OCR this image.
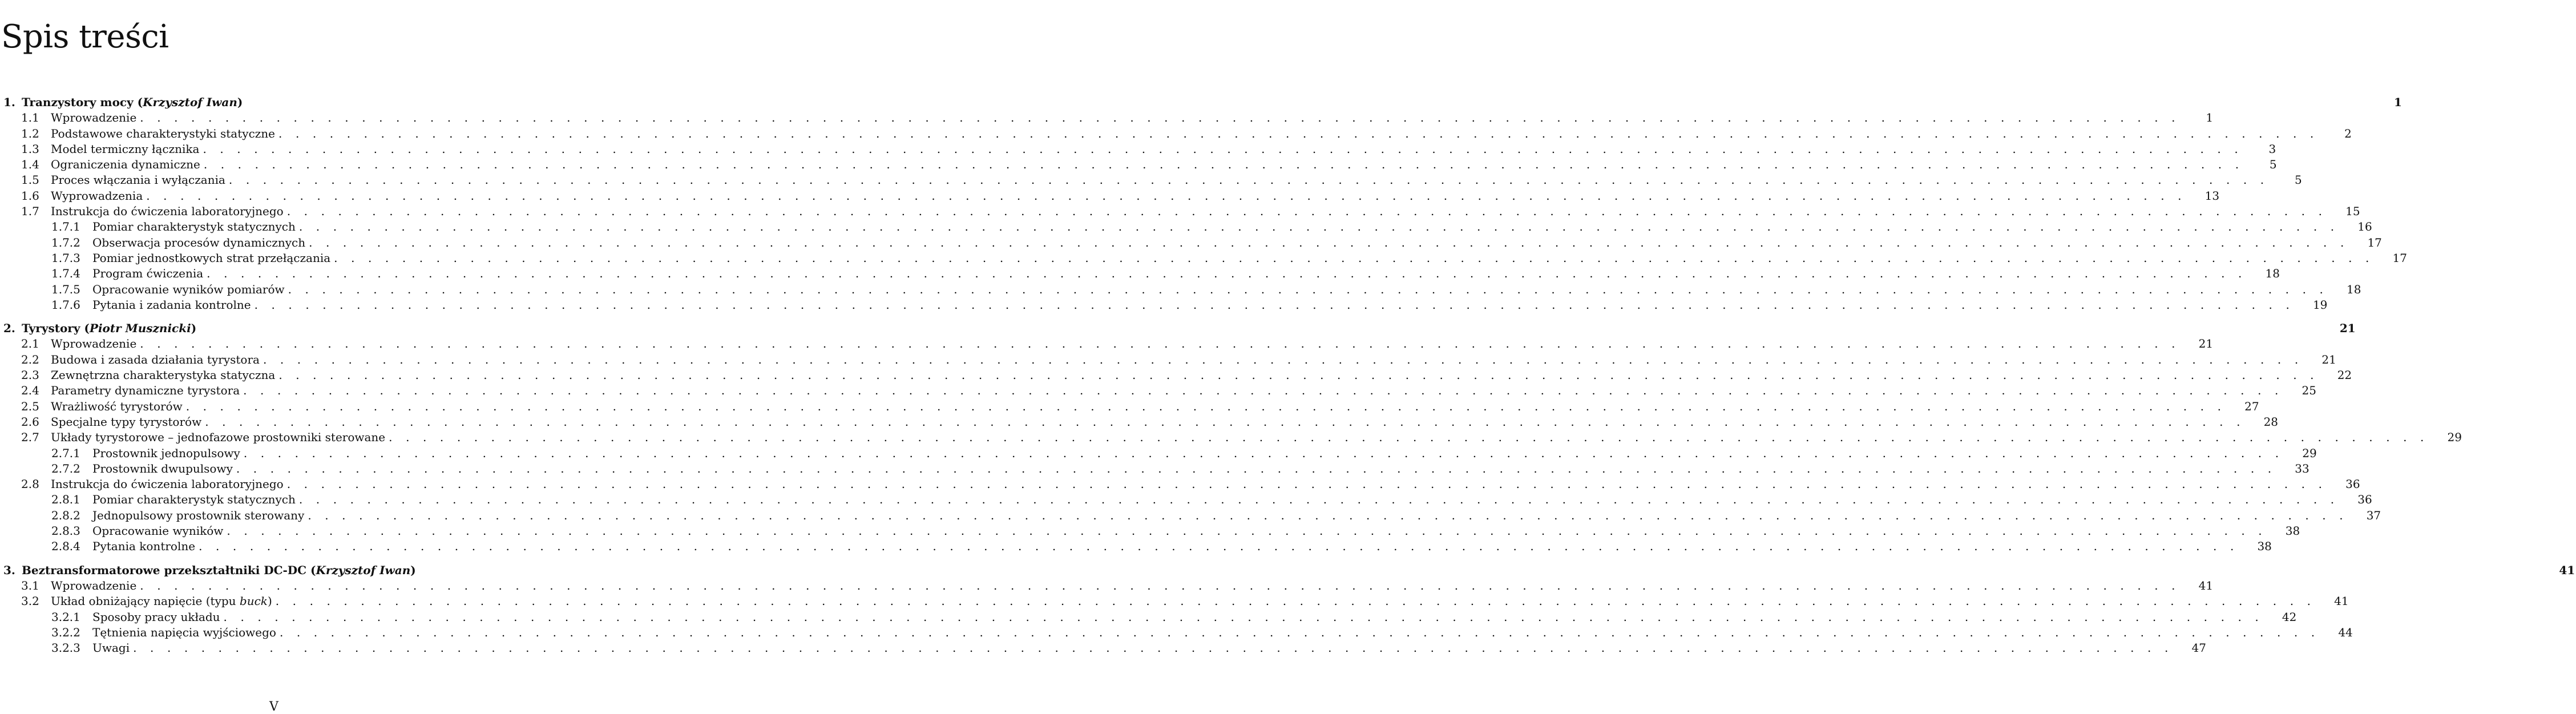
Spis treści
1. Tranzystory mocy (Krzysztof Iwan)	1
1.1	Wprowadzenie . . . . . . . . . . . . . . . . . . . . . . . . . . . . . . . . . . . . . . . . . . . . . . . . . . . . . . . . . . . . . . . . . . . . . . . . . . . . . . . . . . . . . . . . . . . . . . . . . . . . . . . . . . . . . . . . . . . . . . . .	1
1.2	Podstawowe charakterystyki statyczne . . . . . . . . . . . . . . . . . . . . . . . . . . . . . . . . . . . . . . . . . . . . . . . . . . . . . . . . . . . . . . . . . . . . . . . . . . . . . . . . . . . . . . . . . . . . . . . . . . . . . . . . . . . . . . . . . . . . . . . .	2
1.3	Model termiczny łącznika . . . . . . . . . . . . . . . . . . . . . . . . . . . . . . . . . . . . . . . . . . . . . . . . . . . . . . . . . . . . . . . . . . . . . . . . . . . . . . . . . . . . . . . . . . . . . . . . . . . . . . . . . . . . . . . . . . . . . . . .	3
1.4	Ograniczenia dynamiczne . . . . . . . . . . . . . . . . . . . . . . . . . . . . . . . . . . . . . . . . . . . . . . . . . . . . . . . . . . . . . . . . . . . . . . . . . . . . . . . . . . . . . . . . . . . . . . . . . . . . . . . . . . . . . . . . . . . . . . . .	5
1.5	Proces włączania i wyłączania . . . . . . . . . . . . . . . . . . . . . . . . . . . . . . . . . . . . . . . . . . . . . . . . . . . . . . . . . . . . . . . . . . . . . . . . . . . . . . . . . . . . . . . . . . . . . . . . . . . . . . . . . . . . . . . . . . . . . . . .	5
1.6	Wyprowadzenia . . . . . . . . . . . . . . . . . . . . . . . . . . . . . . . . . . . . . . . . . . . . . . . . . . . . . . . . . . . . . . . . . . . . . . . . . . . . . . . . . . . . . . . . . . . . . . . . . . . . . . . . . . . . . . . . . . . . . . . .	13
1.7	Instrukcja do ćwiczenia laboratoryjnego . . . . . . . . . . . . . . . . . . . . . . . . . . . . . . . . . . . . . . . . . . . . . . . . . . . . . . . . . . . . . . . . . . . . . . . . . . . . . . . . . . . . . . . . . . . . . . . . . . . . . . . . . . . . . . . . . . . . . . . .	15
1.7.1	Pomiar charakterystyk statycznych . . . . . . . . . . . . . . . . . . . . . . . . . . . . . . . . . . . . . . . . . . . . . . . . . . . . . . . . . . . . . . . . . . . . . . . . . . . . . . . . . . . . . . . . . . . . . . . . . . . . . . . . . . . . . . . . . . . . . . . .	16
1.7.2	Obserwacja procesów dynamicznych . . . . . . . . . . . . . . . . . . . . . . . . . . . . . . . . . . . . . . . . . . . . . . . . . . . . . . . . . . . . . . . . . . . . . . . . . . . . . . . . . . . . . . . . . . . . . . . . . . . . . . . . . . . . . . . . . . . . . . . .	17
1.7.3	Pomiar jednostkowych strat przełączania . . . . . . . . . . . . . . . . . . . . . . . . . . . . . . . . . . . . . . . . . . . . . . . . . . . . . . . . . . . . . . . . . . . . . . . . . . . . . . . . . . . . . . . . . . . . . . . . . . . . . . . . . . . . . . . . . . . . . . . .	17
1.7.4	Program ćwiczenia . . . . . . . . . . . . . . . . . . . . . . . . . . . . . . . . . . . . . . . . . . . . . . . . . . . . . . . . . . . . . . . . . . . . . . . . . . . . . . . . . . . . . . . . . . . . . . . . . . . . . . . . . . . . . . . . . . . . . . . .	18
1.7.5	Opracowanie wyników pomiarów . . . . . . . . . . . . . . . . . . . . . . . . . . . . . . . . . . . . . . . . . . . . . . . . . . . . . . . . . . . . . . . . . . . . . . . . . . . . . . . . . . . . . . . . . . . . . . . . . . . . . . . . . . . . . . . . . . . . . . . .	18
1.7.6	Pytania i zadania kontrolne . . . . . . . . . . . . . . . . . . . . . . . . . . . . . . . . . . . . . . . . . . . . . . . . . . . . . . . . . . . . . . . . . . . . . . . . . . . . . . . . . . . . . . . . . . . . . . . . . . . . . . . . . . . . . . . . . . . . . . . .	19
2. Tyrystory (Piotr Musznicki)	21
2.1	Wprowadzenie . . . . . . . . . . . . . . . . . . . . . . . . . . . . . . . . . . . . . . . . . . . . . . . . . . . . . . . . . . . . . . . . . . . . . . . . . . . . . . . . . . . . . . . . . . . . . . . . . . . . . . . . . . . . . . . . . . . . . . . .	21
2.2	Budowa i zasada działania tyrystora . . . . . . . . . . . . . . . . . . . . . . . . . . . . . . . . . . . . . . . . . . . . . . . . . . . . . . . . . . . . . . . . . . . . . . . . . . . . . . . . . . . . . . . . . . . . . . . . . . . . . . . . . . . . . . . . . . . . . . . .	21
2.3	Zewnętrzna charakterystyka statyczna . . . . . . . . . . . . . . . . . . . . . . . . . . . . . . . . . . . . . . . . . . . . . . . . . . . . . . . . . . . . . . . . . . . . . . . . . . . . . . . . . . . . . . . . . . . . . . . . . . . . . . . . . . . . . . . . . . . . . . . .	22
2.4	Parametry dynamiczne tyrystora . . . . . . . . . . . . . . . . . . . . . . . . . . . . . . . . . . . . . . . . . . . . . . . . . . . . . . . . . . . . . . . . . . . . . . . . . . . . . . . . . . . . . . . . . . . . . . . . . . . . . . . . . . . . . . . . . . . . . . . .	25
2.5	Wrażliwość tyrystorów . . . . . . . . . . . . . . . . . . . . . . . . . . . . . . . . . . . . . . . . . . . . . . . . . . . . . . . . . . . . . . . . . . . . . . . . . . . . . . . . . . . . . . . . . . . . . . . . . . . . . . . . . . . . . . . . . . . . . . . .	27
2.6	Specjalne typy tyrystorów . . . . . . . . . . . . . . . . . . . . . . . . . . . . . . . . . . . . . . . . . . . . . . . . . . . . . . . . . . . . . . . . . . . . . . . . . . . . . . . . . . . . . . . . . . . . . . . . . . . . . . . . . . . . . . . . . . . . . . . .	28
2.7	Układy tyrystorowe – jednofazowe prostowniki sterowane . . . . . . . . . . . . . . . . . . . . . . . . . . . . . . . . . . . . . . . . . . . . . . . . . . . . . . . . . . . . . . . . . . . . . . . . . . . . . . . . . . . . . . . . . . . . . . . . . . . . . . . . . . . . . . . . . . . . . . . .	29
2.7.1	Prostownik jednopulsowy . . . . . . . . . . . . . . . . . . . . . . . . . . . . . . . . . . . . . . . . . . . . . . . . . . . . . . . . . . . . . . . . . . . . . . . . . . . . . . . . . . . . . . . . . . . . . . . . . . . . . . . . . . . . . . . . . . . . . . . .	29
2.7.2	Prostownik dwupulsowy . . . . . . . . . . . . . . . . . . . . . . . . . . . . . . . . . . . . . . . . . . . . . . . . . . . . . . . . . . . . . . . . . . . . . . . . . . . . . . . . . . . . . . . . . . . . . . . . . . . . . . . . . . . . . . . . . . . . . . . .	33
2.8	Instrukcja do ćwiczenia laboratoryjnego . . . . . . . . . . . . . . . . . . . . . . . . . . . . . . . . . . . . . . . . . . . . . . . . . . . . . . . . . . . . . . . . . . . . . . . . . . . . . . . . . . . . . . . . . . . . . . . . . . . . . . . . . . . . . . . . . . . . . . . .	36
2.8.1	Pomiar charakterystyk statycznych . . . . . . . . . . . . . . . . . . . . . . . . . . . . . . . . . . . . . . . . . . . . . . . . . . . . . . . . . . . . . . . . . . . . . . . . . . . . . . . . . . . . . . . . . . . . . . . . . . . . . . . . . . . . . . . . . . . . . . . .	36
2.8.2	Jednopulsowy prostownik sterowany . . . . . . . . . . . . . . . . . . . . . . . . . . . . . . . . . . . . . . . . . . . . . . . . . . . . . . . . . . . . . . . . . . . . . . . . . . . . . . . . . . . . . . . . . . . . . . . . . . . . . . . . . . . . . . . . . . . . . . . .	37
2.8.3	Opracowanie wyników . . . . . . . . . . . . . . . . . . . . . . . . . . . . . . . . . . . . . . . . . . . . . . . . . . . . . . . . . . . . . . . . . . . . . . . . . . . . . . . . . . . . . . . . . . . . . . . . . . . . . . . . . . . . . . . . . . . . . . . .	38
2.8.4	Pytania kontrolne . . . . . . . . . . . . . . . . . . . . . . . . . . . . . . . . . . . . . . . . . . . . . . . . . . . . . . . . . . . . . . . . . . . . . . . . . . . . . . . . . . . . . . . . . . . . . . . . . . . . . . . . . . . . . . . . . . . . . . . .	38
3. Beztransformatorowe przekształtniki DC-DC (Krzysztof Iwan)	41
3.1	Wprowadzenie . . . . . . . . . . . . . . . . . . . . . . . . . . . . . . . . . . . . . . . . . . . . . . . . . . . . . . . . . . . . . . . . . . . . . . . . . . . . . . . . . . . . . . . . . . . . . . . . . . . . . . . . . . . . . . . . . . . . . . . .	41
3.2	Układ obniżający napięcie (typu buck) . . . . . . . . . . . . . . . . . . . . . . . . . . . . . . . . . . . . . . . . . . . . . . . . . . . . . . . . . . . . . . . . . . . . . . . . . . . . . . . . . . . . . . . . . . . . . . . . . . . . . . . . . . . . . . . . . . . . . . . .	41
3.2.1	Sposoby pracy układu . . . . . . . . . . . . . . . . . . . . . . . . . . . . . . . . . . . . . . . . . . . . . . . . . . . . . . . . . . . . . . . . . . . . . . . . . . . . . . . . . . . . . . . . . . . . . . . . . . . . . . . . . . . . . . . . . . . . . . . .	42
3.2.2	Tętnienia napięcia wyjściowego . . . . . . . . . . . . . . . . . . . . . . . . . . . . . . . . . . . . . . . . . . . . . . . . . . . . . . . . . . . . . . . . . . . . . . . . . . . . . . . . . . . . . . . . . . . . . . . . . . . . . . . . . . . . . . . . . . . . . . . .	44
3.2.3	Uwagi . . . . . . . . . . . . . . . . . . . . . . . . . . . . . . . . . . . . . . . . . . . . . . . . . . . . . . . . . . . . . . . . . . . . . . . . . . . . . . . . . . . . . . . . . . . . . . . . . . . . . . . . . . . . . . . . . . . . . . . .	47
V
